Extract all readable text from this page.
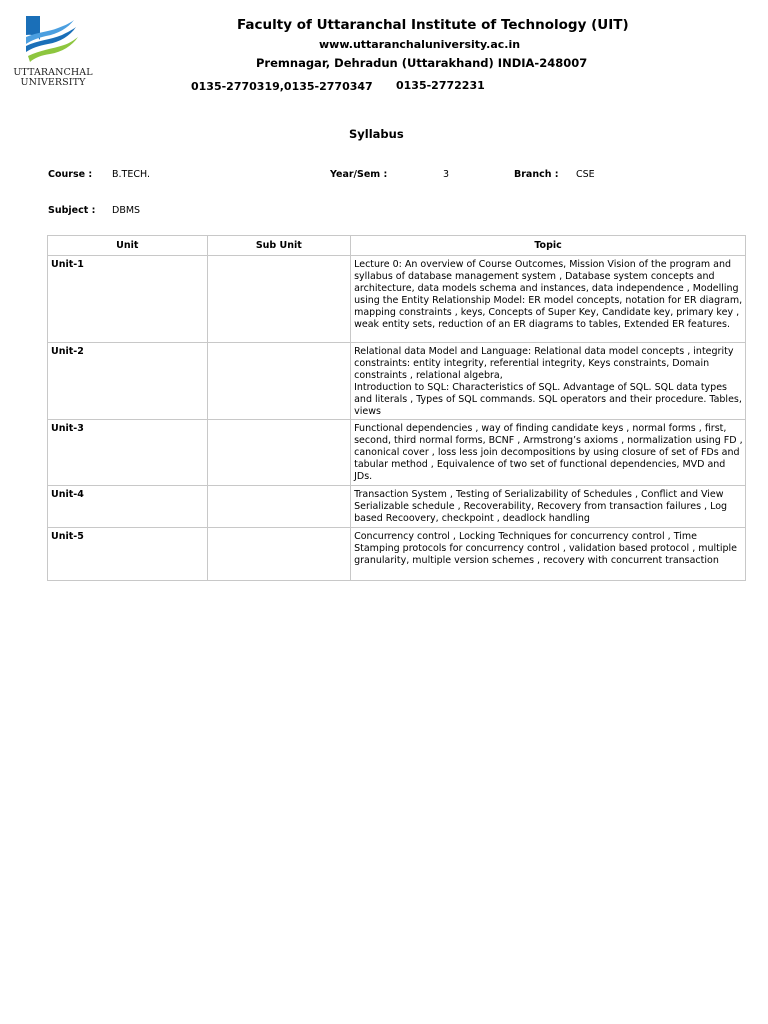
UTTARANCHAL
UNIVERSITY
Faculty of Uttaranchal Institute of Technology (UIT)
www.uttaranchaluniversity.ac.in
Premnagar, Dehradun (Uttarakhand) INDIA-248007
0135-2770319,0135-2770347 0135-2772231
Syllabus
Course : B.TECH.	Year/Sem :	3	Branch : CSE
Subject : DBMS
Unit	Sub Unit	Topic
Unit-1		Lecture 0: An overview of Course Outcomes, Mission Vision of the program and syllabus of database management system , Database system concepts and architecture, data models schema and instances, data independence , Modelling using the Entity Relationship Model: ER model concepts, notation for ER diagram, mapping constraints , keys, Concepts of Super Key, Candidate key, primary key , weak entity sets, reduction of an ER diagrams to tables, Extended ER features.
Unit-2		Relational data Model and Language: Relational data model concepts , integrity constraints: entity integrity, referential integrity, Keys constraints, Domain constraints , relational algebra,
Introduction to SQL: Characteristics of SQL. Advantage of SQL. SQL data types and literals , Types of SQL commands. SQL operators and their procedure. Tables, views
Unit-3		Functional dependencies , way of finding candidate keys , normal forms , first, second, third normal forms, BCNF , Armstrong’s axioms , normalization using FD , canonical cover , loss less join decompositions by using closure of set of FDs and tabular method , Equivalence of two set of functional dependencies, MVD and JDs.
Unit-4		Transaction System , Testing of Serializability of Schedules , Conflict and View Serializable schedule , Recoverability, Recovery from transaction failures , Log based Recoovery, checkpoint , deadlock handling
Unit-5		Concurrency control , Locking Techniques for concurrency control , Time Stamping protocols for concurrency control , validation based protocol , multiple granularity, multiple version schemes , recovery with concurrent transaction
